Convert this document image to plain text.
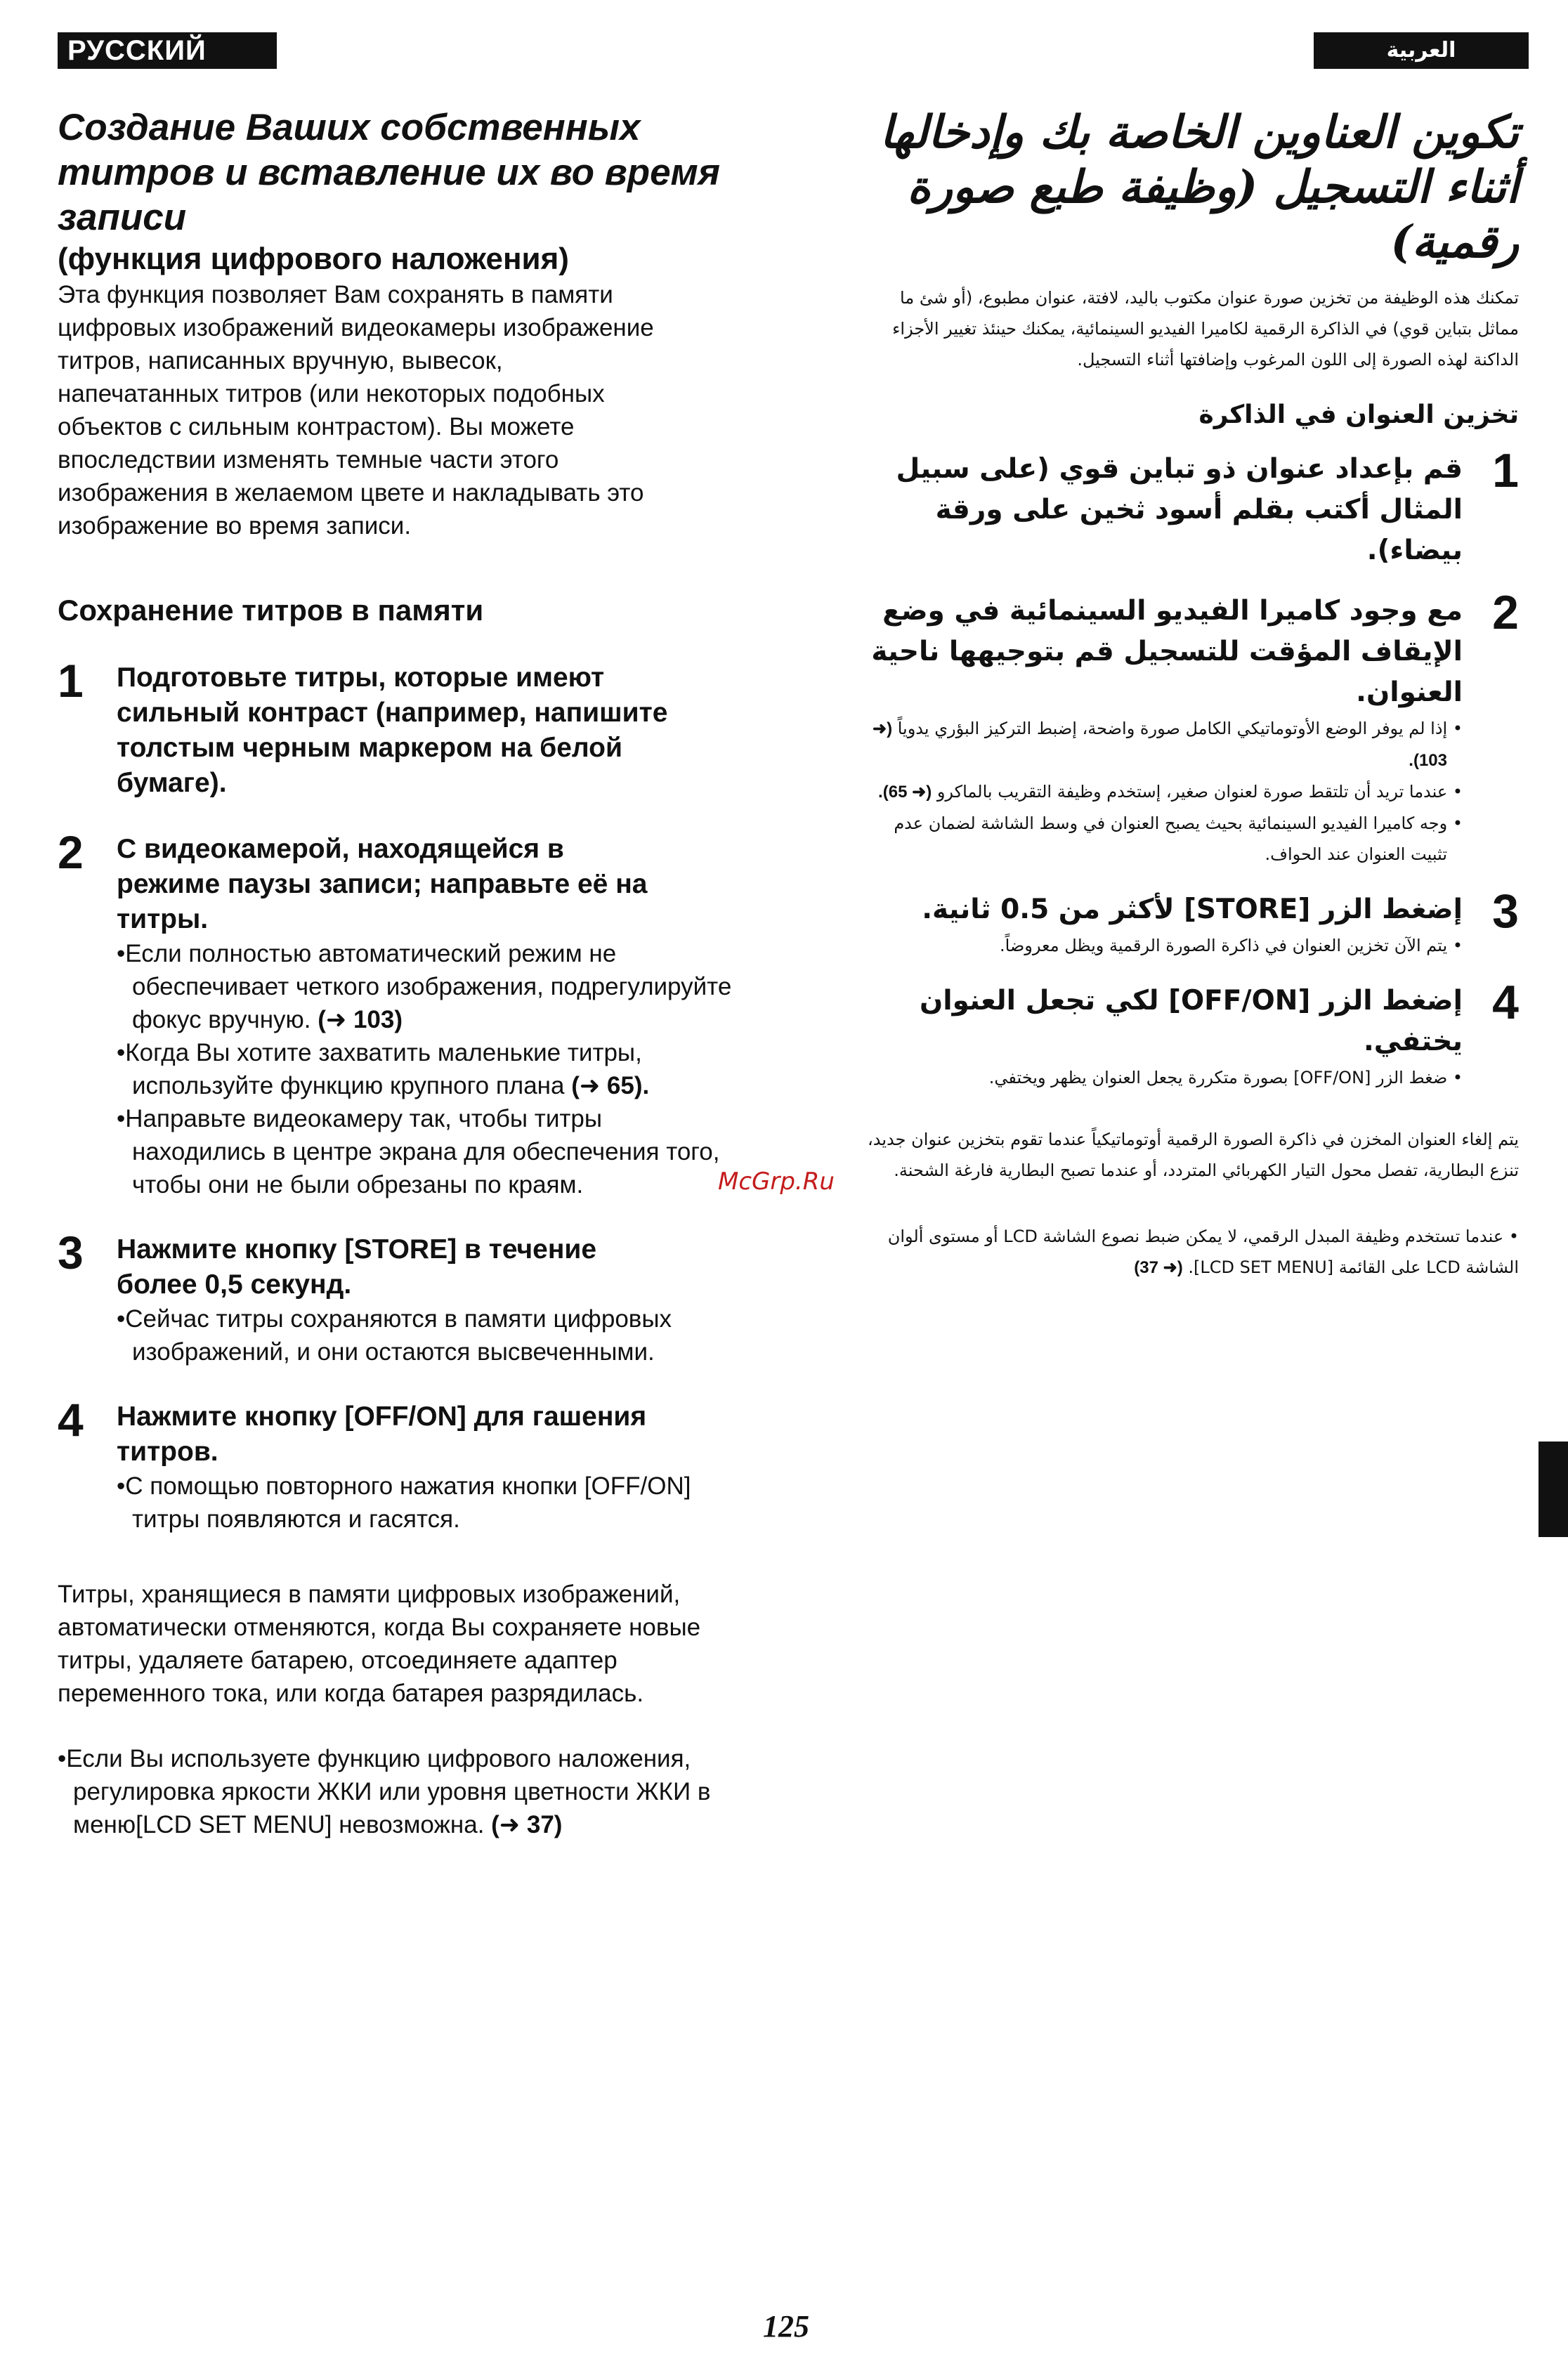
РУССКИЙ ЯЗЫК
العربية
Создание Ваших собственных
титров и вставление их во время
записи

(функция цифрового наложения)

Эта функция позволяет Вам сохранять в памяти

цифровых изображений видеокамеры изображение

титров, написанных вручную, вывесок,

напечатанных титров (или некоторых подобных

объектов с сильным контрастом). Вы можете

впоследствии изменять темные части этого

изображения в желаемом цвете и накладывать это

изображение во время записи.

Сохранение титров в памяти
1 Подготовьте титры, которые имеют

сильный контраст (например, напишите

толстым черным маркером на белой

бумаге).

2 С видеокамерой, находящейся в

режиме паузы записи; направьте её на

титры.

•Если полностью автоматический режим не обеспечивает четкого изображения, подрегулируйте фокус вручную. (➜ 103)

•Когда Вы хотите захватить маленькие титры, используйте функцию крупного плана (➜ 65).

•Направьте видеокамеру так, чтобы титры находились в центре экрана для обеспечения того, чтобы они не были обрезаны по краям.

3 Нажмите кнопку [STORE] в течение

более 0,5 секунд.

•Сейчас титры сохраняются в памяти цифровых изображений, и они остаются высвеченными.

4 Нажмите кнопку [OFF/ON] для гашения

титров.

•С помощью повторного нажатия кнопки [OFF/ON] титры появляются и гасятся.

Титры, хранящиеся в памяти цифровых изображений, автоматически отменяются, когда Вы сохраняете новые титры, удаляете батарею, отсоединяете адаптер переменного тока, или когда батарея разрядилась.

•Если Вы используете функцию цифрового наложения, регулировка яркости ЖКИ или уровня цветности ЖКИ в меню[LCD SET MENU] невозможна. (➜ 37)

تكوين العناوين الخاصة بك وإدخالها
أثناء التسجيل (وظيفة طبع صورة
رقمية)

تمكنك هذه الوظيفة من تخزين صورة عنوان مكتوب باليد، لافتة، عنوان مطبوع، (أو شئ ما مماثل بتباين قوي) في الذاكرة الرقمية لكاميرا الفيديو السينمائية، يمكنك حينئذ تغيير الأجزاء الداكنة لهذه الصورة إلى اللون المرغوب وإضافتها أثناء التسجيل.

تخزين العنوان في الذاكرة
1

قم بإعداد عنوان ذو تباين قوي (على سبيل المثال أكتب بقلم أسود ثخين على ورقة بيضاء).

2

مع وجود كاميرا الفيديو السينمائية في وضع الإيقاف المؤقت للتسجيل قم بتوجيهها ناحية العنوان.

• إذا لم يوفر الوضع الأوتوماتيكي الكامل صورة واضحة، إضبط التركيز البؤري يدوياً (➜ 103).

• عندما تريد أن تلتقط صورة لعنوان صغير، إستخدم وظيفة التقريب بالماكرو (➜ 65).

• وجه كاميرا الفيديو السينمائية بحيث يصبح العنوان في وسط الشاشة لضمان عدم تثبيت العنوان عند الحواف.

3

إضغط الزر [STORE] لأكثر من 0.5 ثانية.

• يتم الآن تخزين العنوان في ذاكرة الصورة الرقمية ويظل معروضاً.

4

إضغط الزر [OFF/ON] لكي تجعل العنوان يختفي.

• ضغط الزر [OFF/ON] بصورة متكررة يجعل العنوان يظهر ويختفي.

يتم إلغاء العنوان المخزن في ذاكرة الصورة الرقمية أوتوماتيكياً عندما تقوم بتخزين عنوان جديد، تنزع البطارية، تفصل محول التيار الكهربائي المتردد، أو عندما تصبح البطارية فارغة الشحنة.

• عندما تستخدم وظيفة المبدل الرقمي، لا يمكن ضبط نصوع الشاشة LCD أو مستوى ألوان الشاشة LCD على القائمة [LCD SET MENU]. (➜ 37)

McGrp.Ru
125
